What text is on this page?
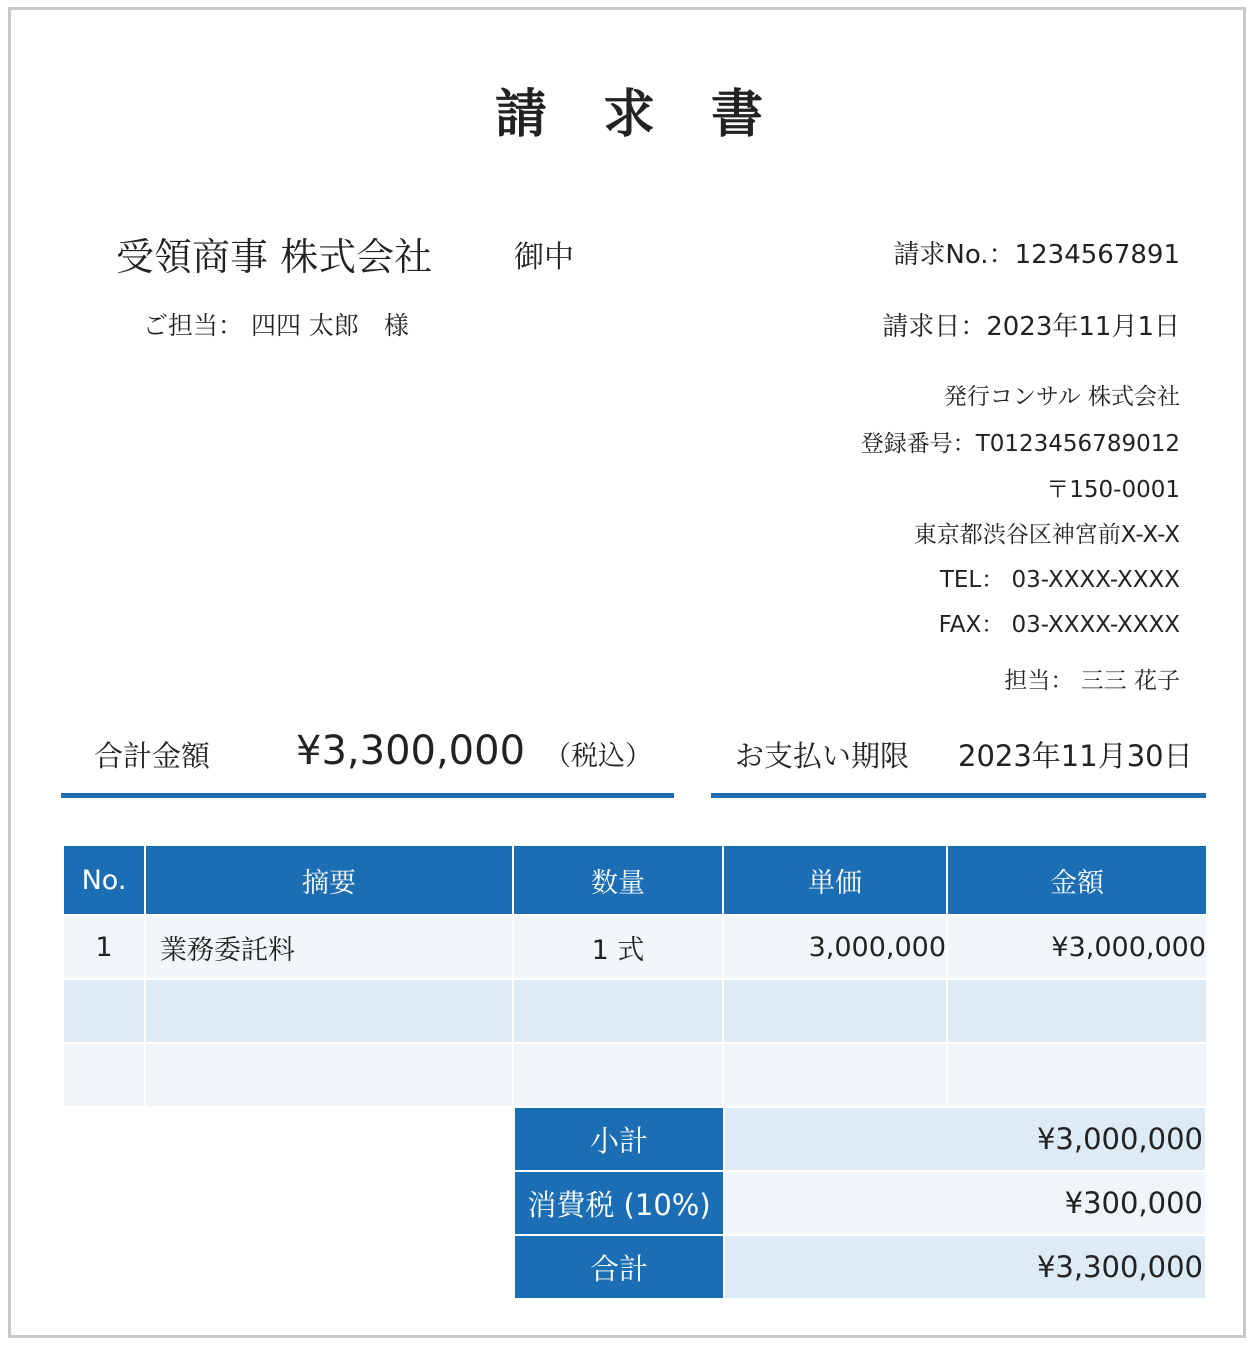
請求書
受領商事 株式会社	御中
ご担当： 四四 太郎　様
請求No.：1234567891
請求日：2023年11月1日
発行コンサル 株式会社
登録番号：T0123456789012
〒150-0001
東京都渋谷区神宮前X-X-X
TEL： 03-XXXX-XXXX
FAX： 03-XXXX-XXXX
担当： 三三 花子
合計金額 ¥3,300,000 （税込）	お支払い期限 2023年11月30日
No.	摘要	数量	単価	金額
1	業務委託料	1 式	3,000,000	¥3,000,000

小計	¥3,000,000
消費税 (10%)	¥300,000
合計	¥3,300,000
